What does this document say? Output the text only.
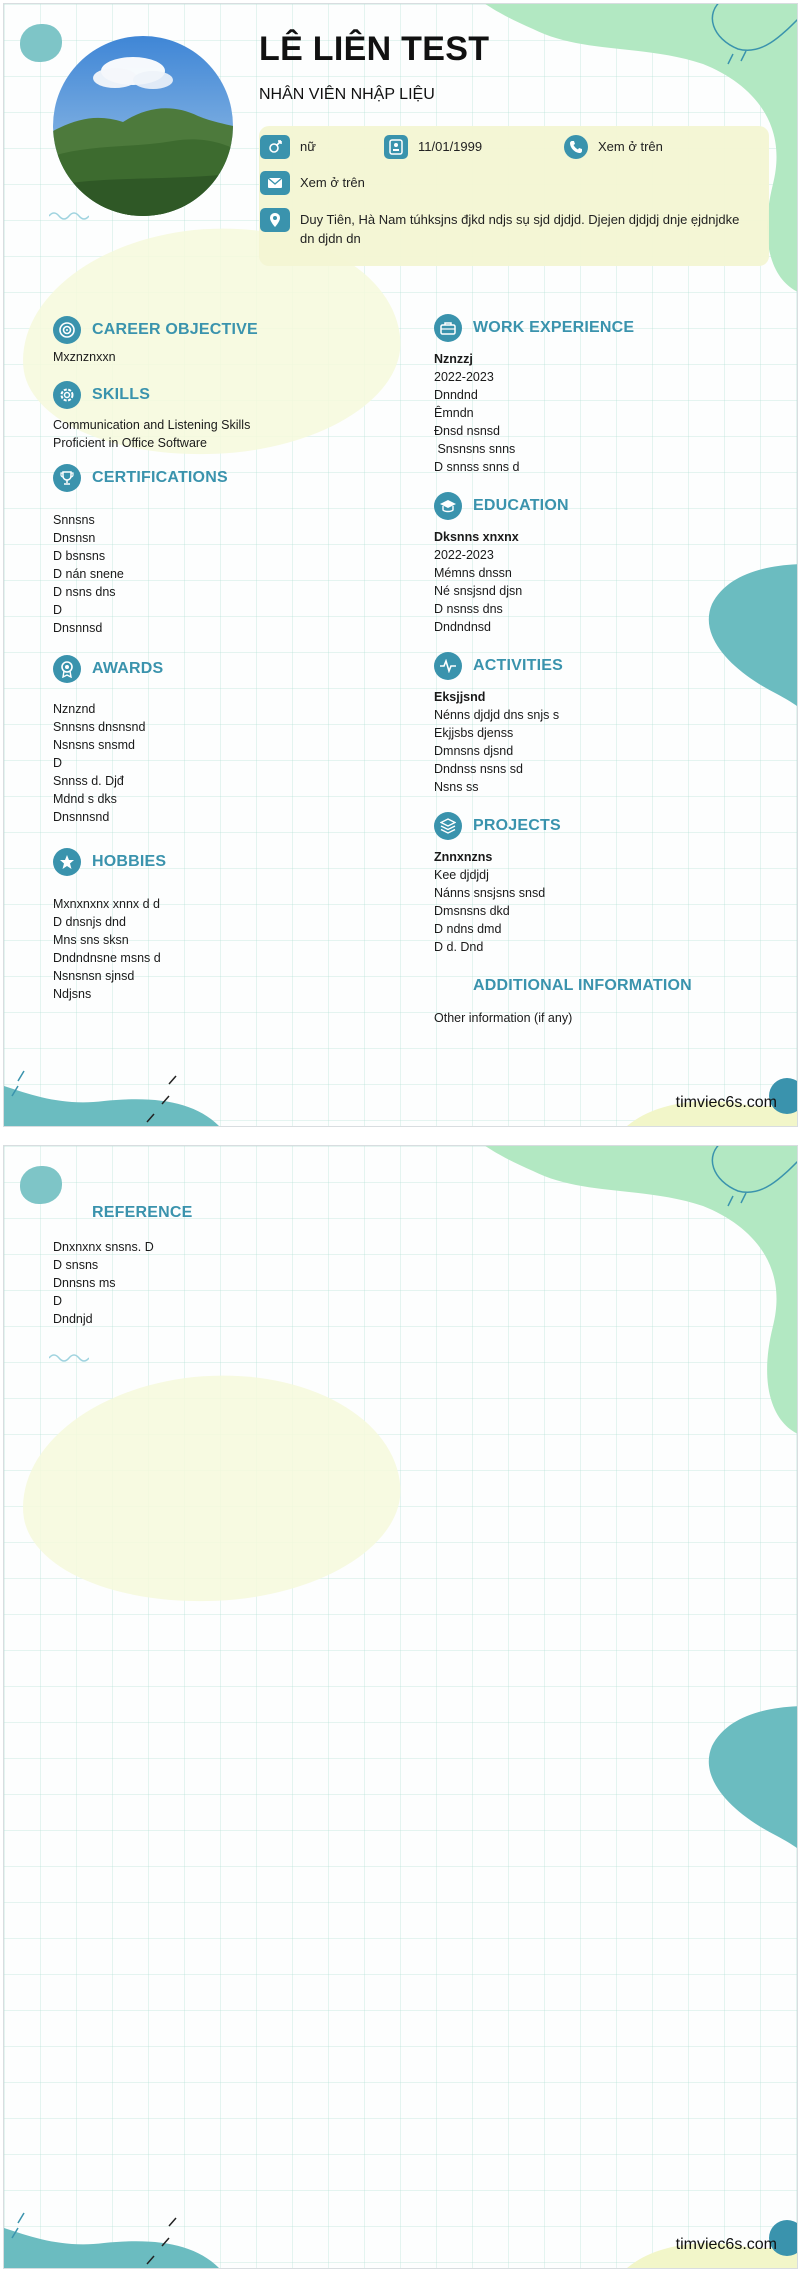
LÊ LIÊN TEST
NHÂN VIÊN NHẬP LIỆU
nữ	11/01/1999	Xem ở trên
Xem ở trên
Duy Tiên, Hà Nam túhksjns đjkd ndjs sụ sjd djdjd. Djejen djdjdj dnje ẹjdnjdke dn djdn dn
CAREER OBJECTIVE
Mxznznxxn
SKILLS
Communication and Listening Skills
Proficient in Office Software
CERTIFICATIONS
Snnsns
Dnsnsn
D bsnsns
D nán snene
D nsns dns
D
Dnsnnsd
AWARDS
Nznznd
Snnsns dnsnsnd
Nsnsns snsmd
D
Snnss d. Djđ
Mdnd s dks
Dnsnnsnd
HOBBIES
Mxnxnxnx xnnx d d
D dnsnjs dnd
Mns sns sksn
Dndndnsne msns d
Nsnsnsn sjnsd
Ndjsns
WORK EXPERIENCE
Nznzzj
2022-2023
Dnndnd
Êmndn
Đnsd nsnsd
Snsnsns snns
D snnss snns d
EDUCATION
Dksnns xnxnx
2022-2023
Mémns dnssn
Né snsjsnd djsn
D nsnss dns
Dndndnsd
ACTIVITIES
Eksjjsnd
Nénns djdjd dns snjs s
Ekjjsbs djenss
Dmnsns djsnd
Dndnss nsns sd
Nsns ss
PROJECTS
Znnxnzns
Kee djdjdj
Nánns snsjsns snsd
Dmsnsns dkd
D ndns dmd
D d. Dnd
ADDITIONAL INFORMATION
Other information (if any)
timviec6s.com
REFERENCE
Dnxnxnx snsns. D
D snsns
Dnnsns ms
D
Dndnjd
timviec6s.com
